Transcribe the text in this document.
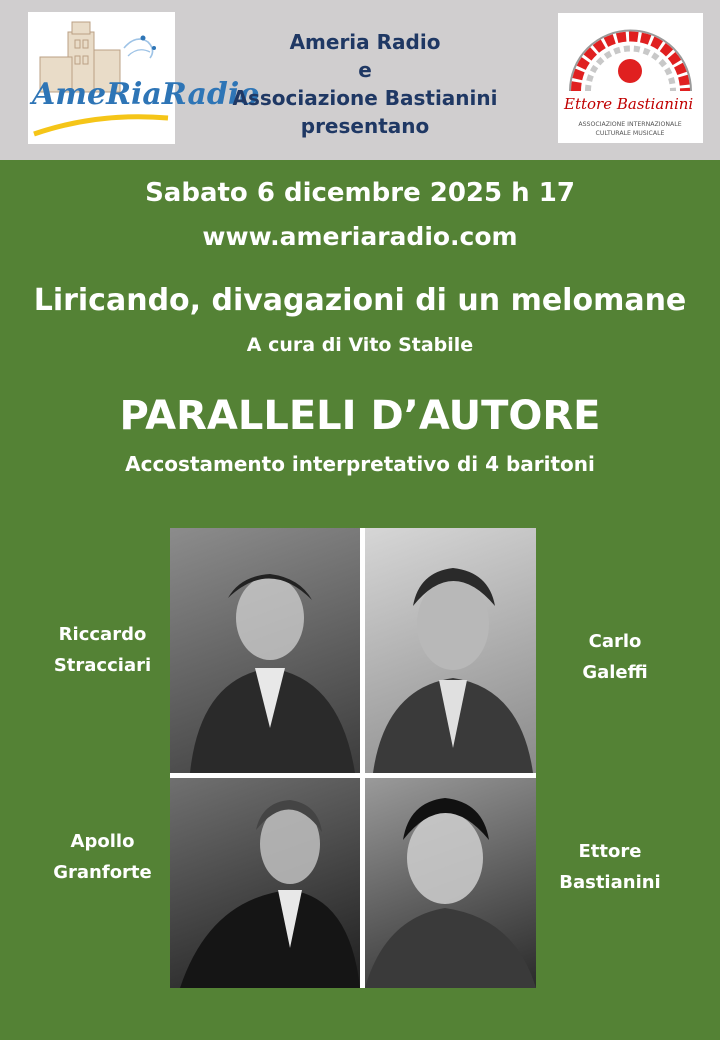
AmeRiaRadio
Ameria Radio
e
Associazione Bastianini
presentano
Ettore Bastianini
ASSOCIAZIONE INTERNAZIONALE
CULTURALE MUSICALE
Sabato 6 dicembre 2025 h 17
www.ameriaradio.com
Liricando, divagazioni di un melomane
A cura di Vito Stabile
PARALLELI D’AUTORE
Accostamento interpretativo di 4 baritoni
Riccardo
Stracciari
Carlo
Galeffi
Apollo
Granforte
Ettore
Bastianini
